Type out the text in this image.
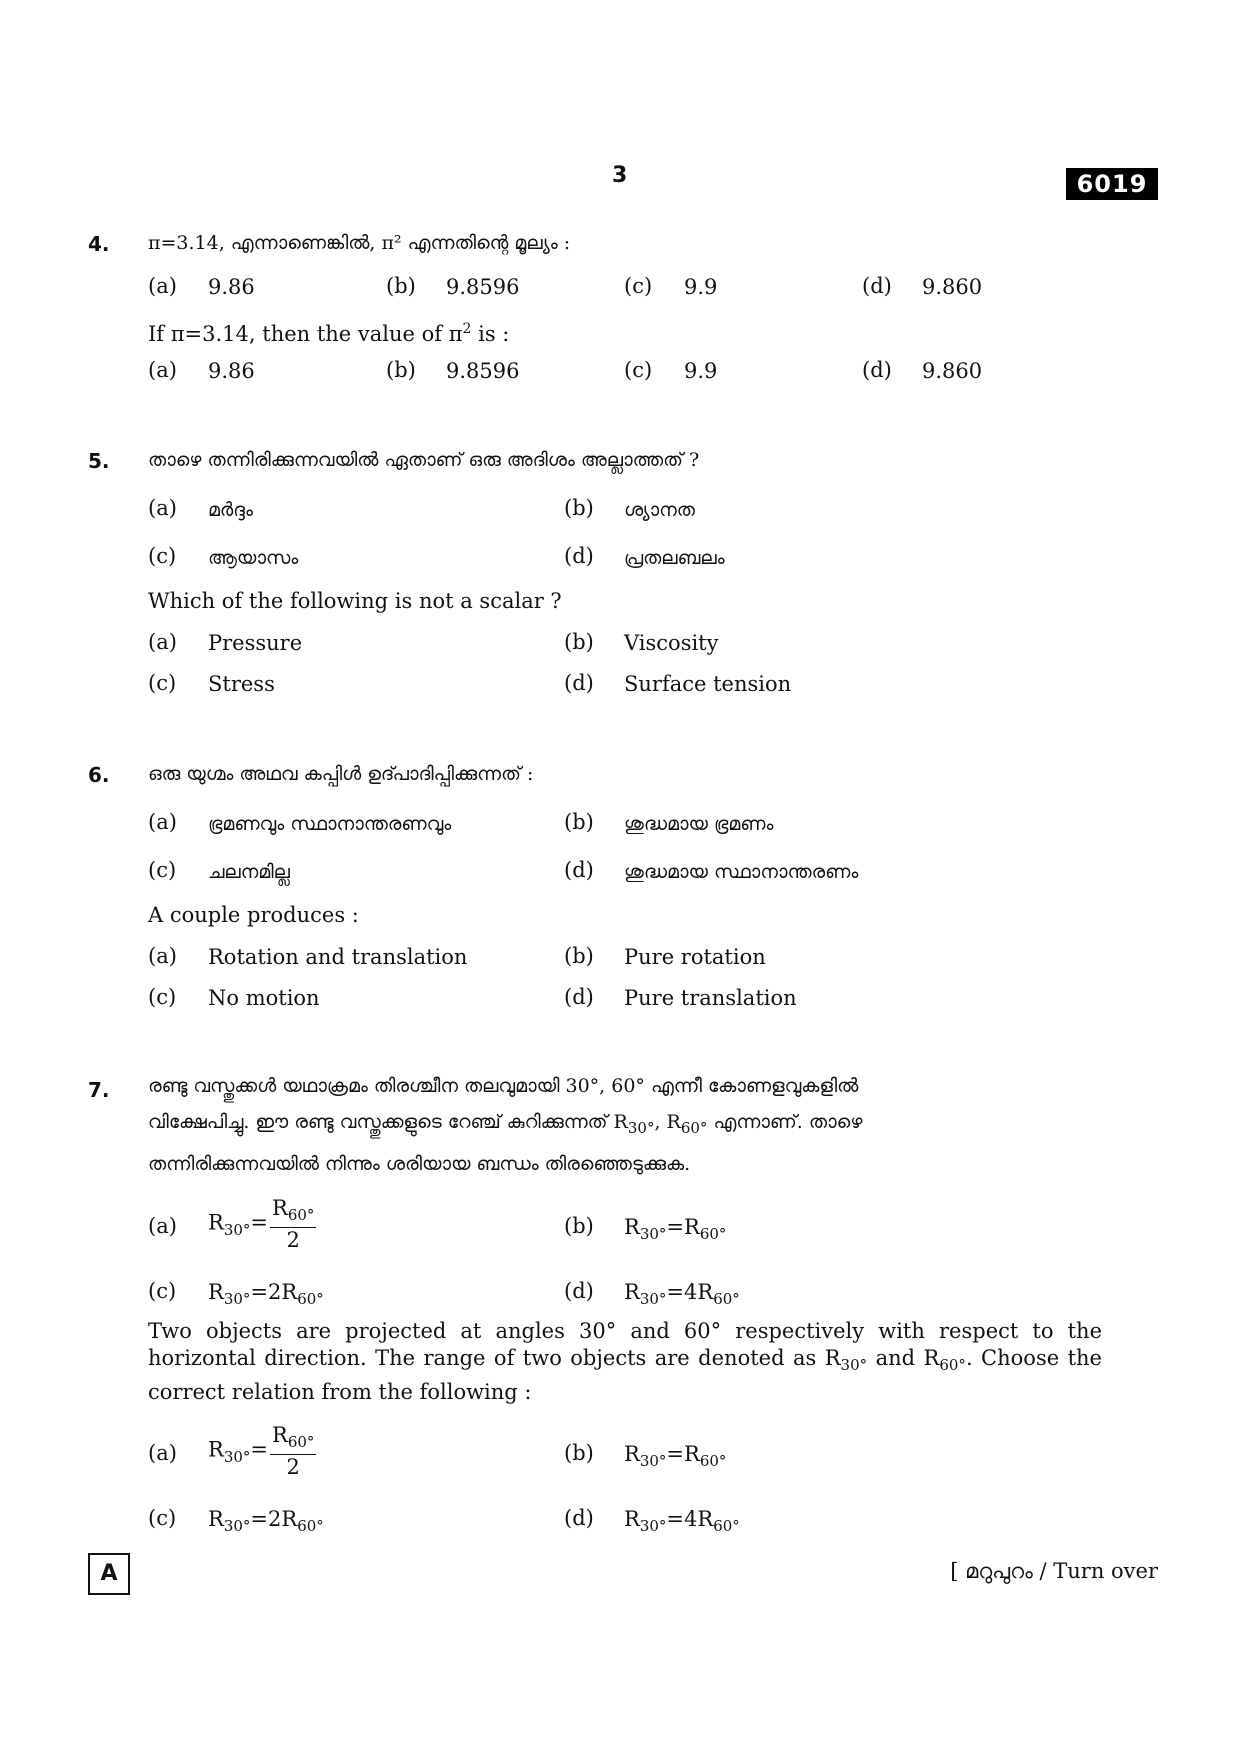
3	6019
4. π=3.14, എന്നാണെങ്കിൽ, π² എന്നതിന്റെ മൂല്യം :
(a) 9.86	(b) 9.8596	(c) 9.9	(d) 9.860
If π=3.14, then the value of $\pi^2$ is :
(a) 9.86	(b) 9.8596	(c) 9.9	(d) 9.860
5. താഴെ തന്നിരിക്കുന്നവയിൽ ഏതാണ് ഒരു അദിശം അല്ലാത്തത് ?
(a) മർദ്ദം	(b) ശ്യാനത
(c) ആയാസം	(d) പ്രതലബലം
Which of the following is not a scalar ?
(a) Pressure	(b) Viscosity
(c) Stress	(d) Surface tension
6. ഒരു യുഗ്മം അഥവ കപ്പിൾ ഉദ്പാദിപ്പിക്കുന്നത് :
(a) ഭ്രമണവും സ്ഥാനാന്തരണവും	(b) ശുദ്ധമായ ഭ്രമണം
(c) ചലനമില്ല	(d) ശുദ്ധമായ സ്ഥാനാന്തരണം
A couple produces :
(a) Rotation and translation	(b) Pure rotation
(c) No motion	(d) Pure translation
7. രണ്ടു വസ്തുക്കൾ യഥാക്രമം തിരശ്ചീന തലവുമായി 30°, 60° എന്നീ കോണളവുകളിൽ
വിക്ഷേപിച്ചു. ഈ രണ്ടു വസ്തുക്കളുടെ റേഞ്ച് കുറിക്കുന്നത് $R_{30^\circ}$, $R_{60^\circ}$ എന്നാണ്. താഴെ
തന്നിരിക്കുന്നവയിൽ നിന്നും ശരിയായ ബന്ധം തിരഞ്ഞെടുക്കുക.
(a) $R_{30^\circ}= \frac{R_{60^\circ}}{2}$	(b) $R_{30^\circ}=R_{60^\circ}$
(c) $R_{30^\circ}=2R_{60^\circ}$	(d) $R_{30^\circ}=4R_{60^\circ}$
Two objects are projected at angles 30° and 60° respectively with respect to the horizontal direction. The range of two objects are denoted as $R_{30^\circ}$ and $R_{60^\circ}$. Choose the correct relation from the following :
(a) $R_{30^\circ}= \frac{R_{60^\circ}}{2}$	(b) $R_{30^\circ}=R_{60^\circ}$
(c) $R_{30^\circ}=2R_{60^\circ}$	(d) $R_{30^\circ}=4R_{60^\circ}$
A	[ മറുപുറം / Turn over
